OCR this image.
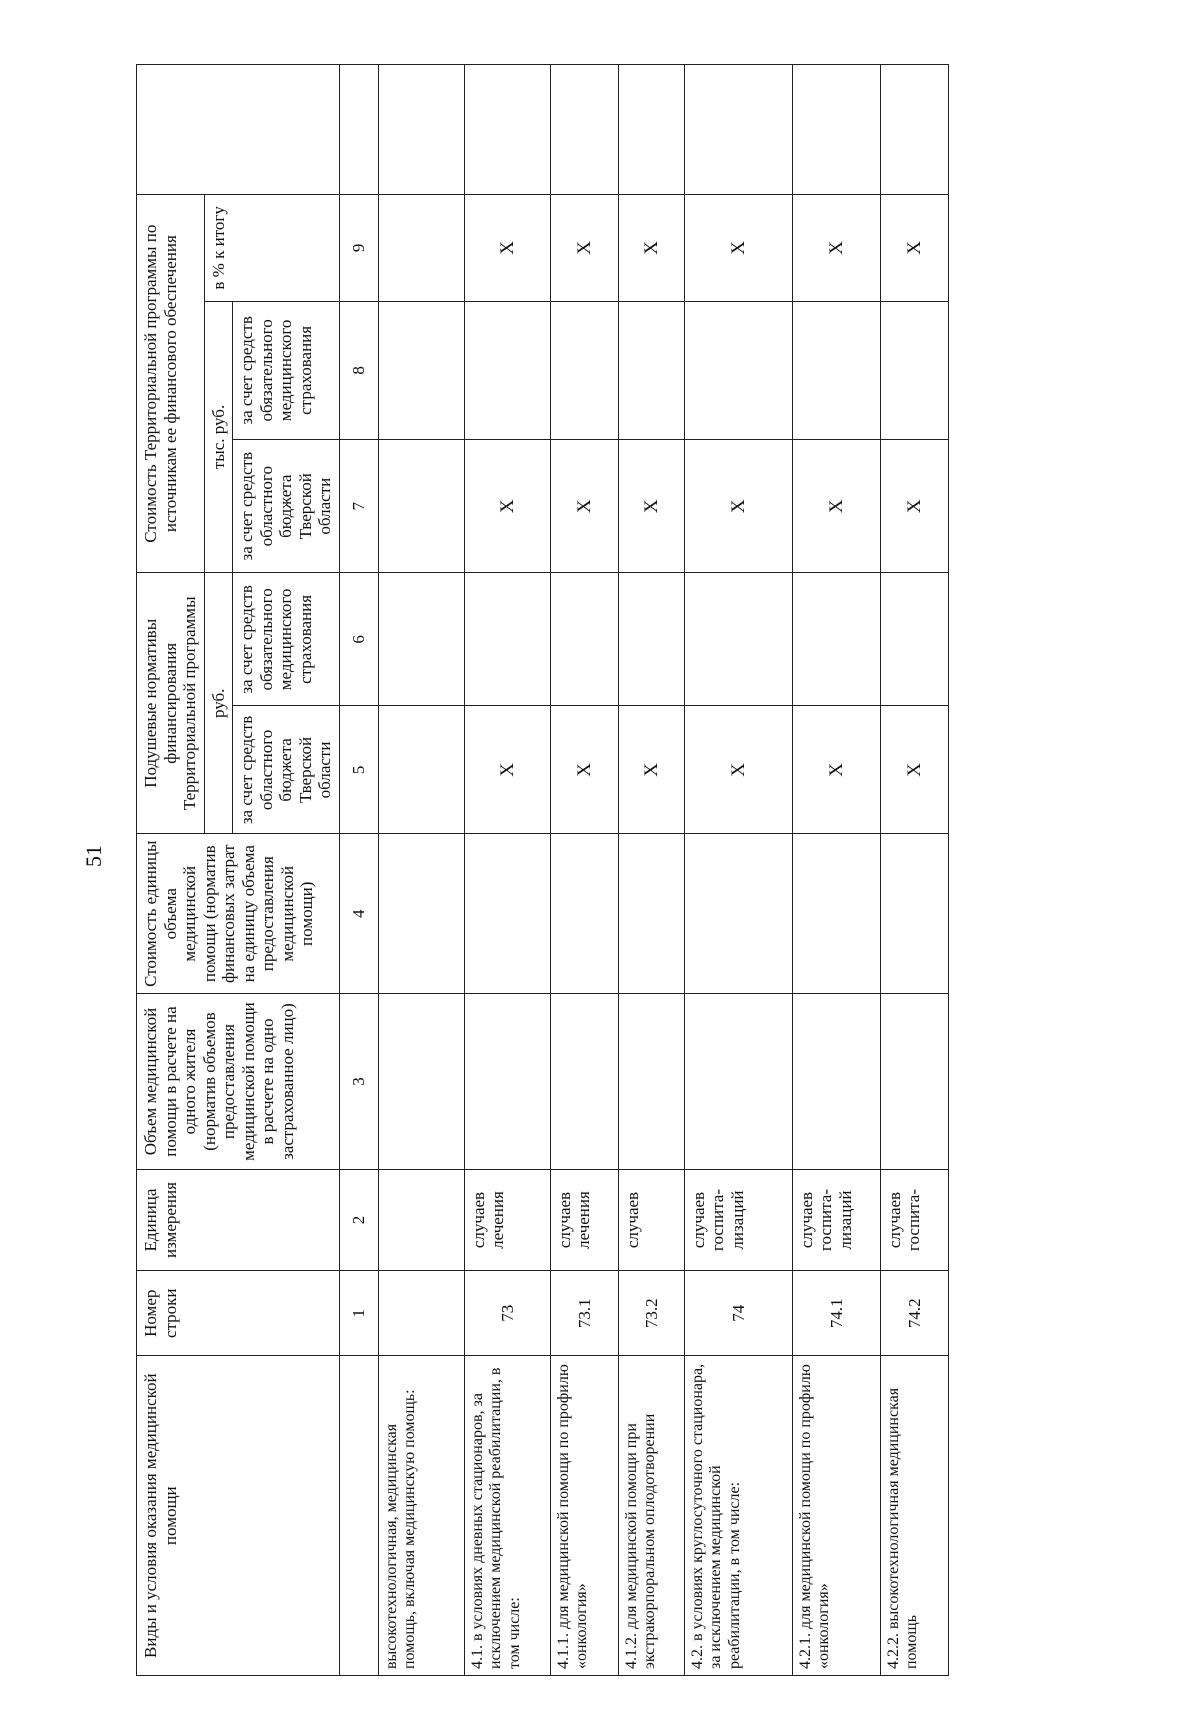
51
Виды и условия оказания медицинской помощи	Номер строки	Единица измерения	Объем медицинской помощи в расчете на одного жителя (норматив объемов предоставления медицинской помощи в расчете на одно застрахованное лицо)	Стоимость единицы объема медицинской помощи (норматив финансовых затрат на единицу объема предоставления медицинской помощи)	Подушевые нормативы финансирования Территориальной программы		Стоимость Территориальной программы по источникам ее финансового обеспечения			
					руб.		тыс. руб.		в % к итогу	
					за счет средств областного бюджета Тверской области	за счет средств обязательного медицинского страхования	за счет средств областного бюджета Тверской области	за счет средств обязательного медицинского страхования		
	1	2	3	4	5	6	7	8	9	
высокотехнологичная, медицинская помощь, включая медицинскую помощь:										
4.1. в условиях дневных стационаров, за исключением медицинской реабилитации, в том числе:	73	случаев лечения			Х		Х		Х	
4.1.1. для медицинской помощи по профилю «онкология»	73.1	случаев лечения			Х		Х		Х	
4.1.2. для медицинской помощи при экстракорпоральном оплодотворении	73.2	случаев			Х		Х		Х	
4.2. в условиях круглосуточного стационара, за исключением медицинской реабилитации, в том числе:	74	случаев госпита-лизаций			Х		Х		Х	
4.2.1. для медицинской помощи по профилю «онкология»	74.1	случаев госпита-лизаций			Х		Х		Х	
4.2.2. высокотехнологичная медицинская помощь	74.2	случаев госпита-			Х		Х		Х	
